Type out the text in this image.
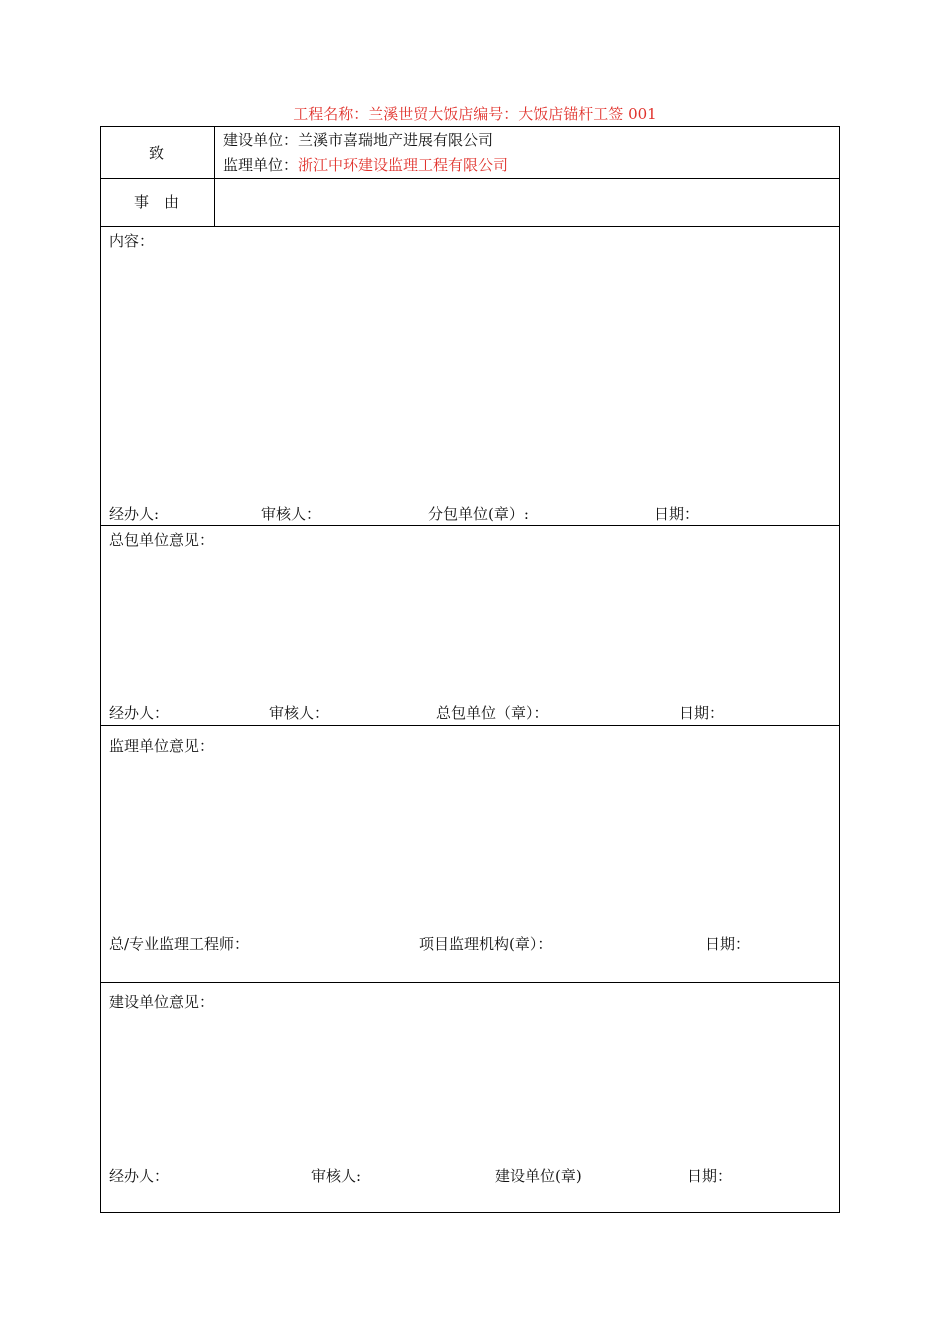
工程名称：兰溪世贸大饭店编号：大饭店锚杆工签 001
致
建设单位：兰溪市喜瑞地产进展有限公司
监理单位：浙江中环建设监理工程有限公司
事　由
内容：
经办人:	审核人：	分包单位(章）:	日期：
总包单位意见：
经办人：	审核人：	总包单位（章）：	日期：
监理单位意见：
总/专业监理工程师：	项目监理机构(章）：	日期：
建设单位意见：
经办人：	审核人:	建设单位(章)	日期：
